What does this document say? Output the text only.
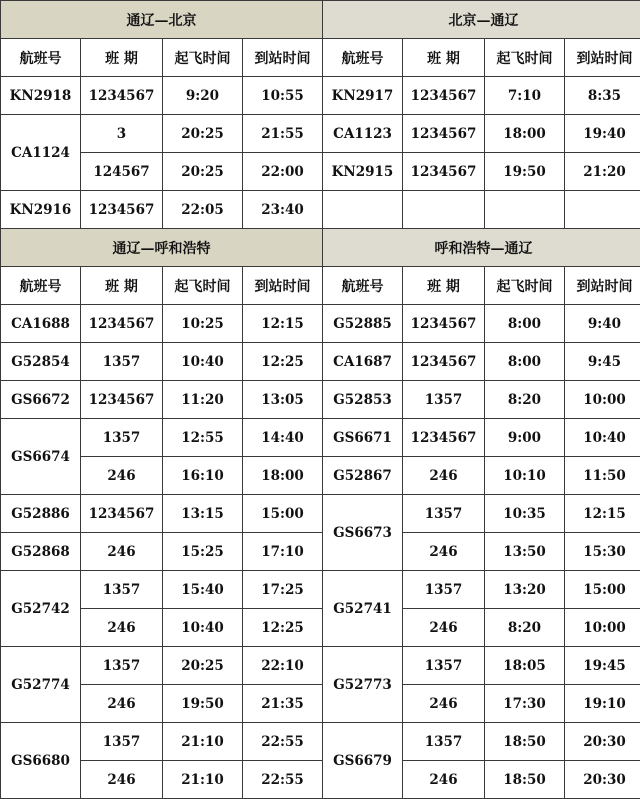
通辽—北京				北京—通辽			
航班号	班 期	起飞时间	到站时间	航班号	班 期	起飞时间	到站时间
KN2918	1234567	9:20	10:55	KN2917	1234567	7:10	8:35
CA1124	3	20:25	21:55	CA1123	1234567	18:00	19:40
	124567	20:25	22:00	KN2915	1234567	19:50	21:20
KN2916	1234567	22:05	23:40				
通辽—呼和浩特				呼和浩特—通辽			
航班号	班 期	起飞时间	到站时间	航班号	班 期	起飞时间	到站时间
CA1688	1234567	10:25	12:15	G52885	1234567	8:00	9:40
G52854	1357	10:40	12:25	CA1687	1234567	8:00	9:45
GS6672	1234567	11:20	13:05	G52853	1357	8:20	10:00
GS6674	1357	12:55	14:40	GS6671	1234567	9:00	10:40
	246	16:10	18:00	G52867	246	10:10	11:50
G52886	1234567	13:15	15:00	GS6673	1357	10:35	12:15
G52868	246	15:25	17:10		246	13:50	15:30
G52742	1357	15:40	17:25	G52741	1357	13:20	15:00
	246	10:40	12:25		246	8:20	10:00
G52774	1357	20:25	22:10	G52773	1357	18:05	19:45
	246	19:50	21:35		246	17:30	19:10
GS6680	1357	21:10	22:55	GS6679	1357	18:50	20:30
	246	21:10	22:55		246	18:50	20:30
